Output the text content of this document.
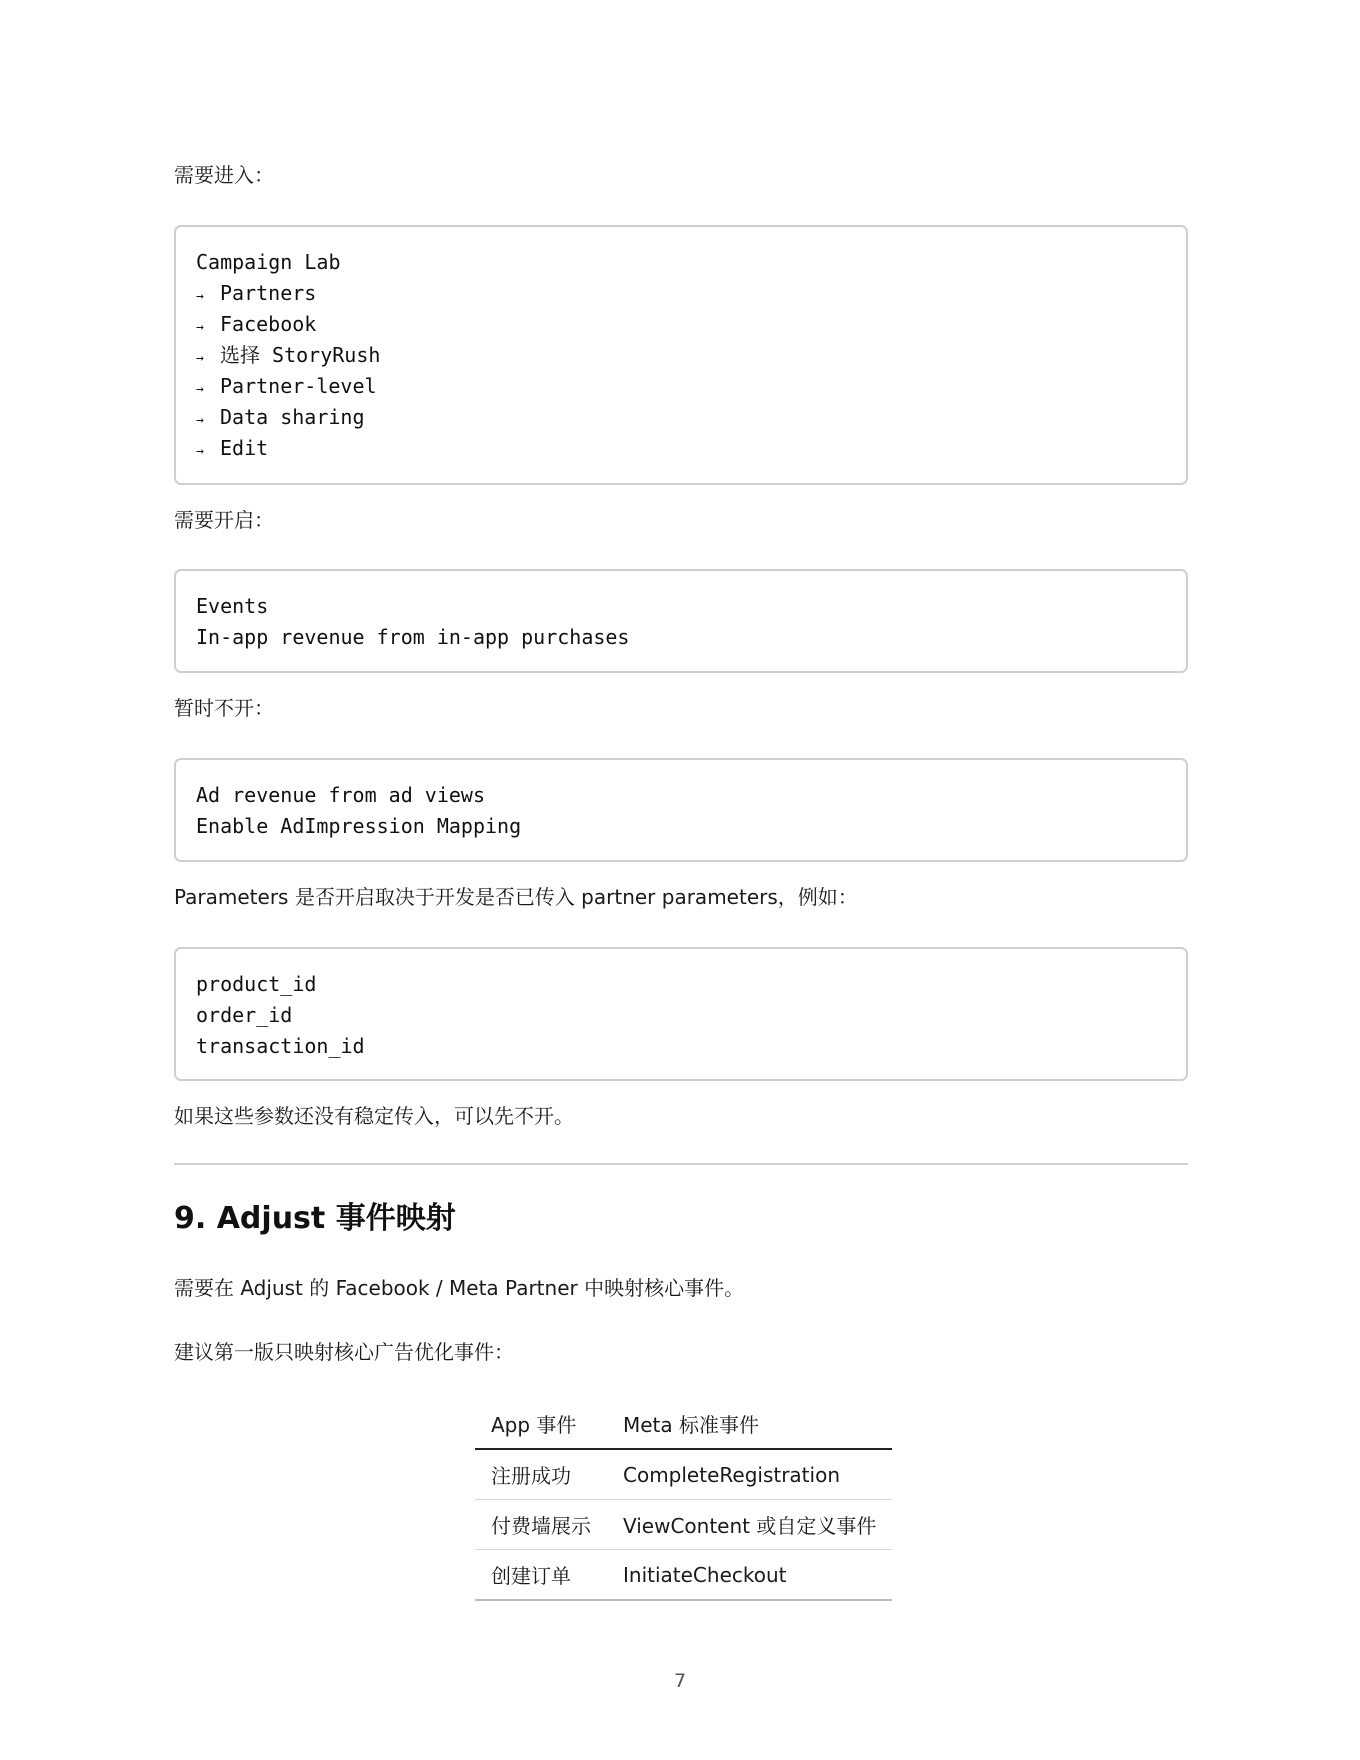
需要进入：

Campaign Lab
→ Partners
→ Facebook
→ 选择 StoryRush
→ Partner-level
→ Data sharing
→ Edit

需要开启：

Events
In-app revenue from in-app purchases

暂时不开：

Ad revenue from ad views
Enable AdImpression Mapping

Parameters 是否开启取决于开发是否已传入 partner parameters，例如：

product_id
order_id
transaction_id

如果这些参数还没有稳定传入，可以先不开。

9. Adjust 事件映射

需要在 Adjust 的 Facebook / Meta Partner 中映射核心事件。

建议第一版只映射核心广告优化事件：

App 事件	Meta 标准事件
注册成功	CompleteRegistration
付费墙展示	ViewContent 或自定义事件
创建订单	InitiateCheckout
7
